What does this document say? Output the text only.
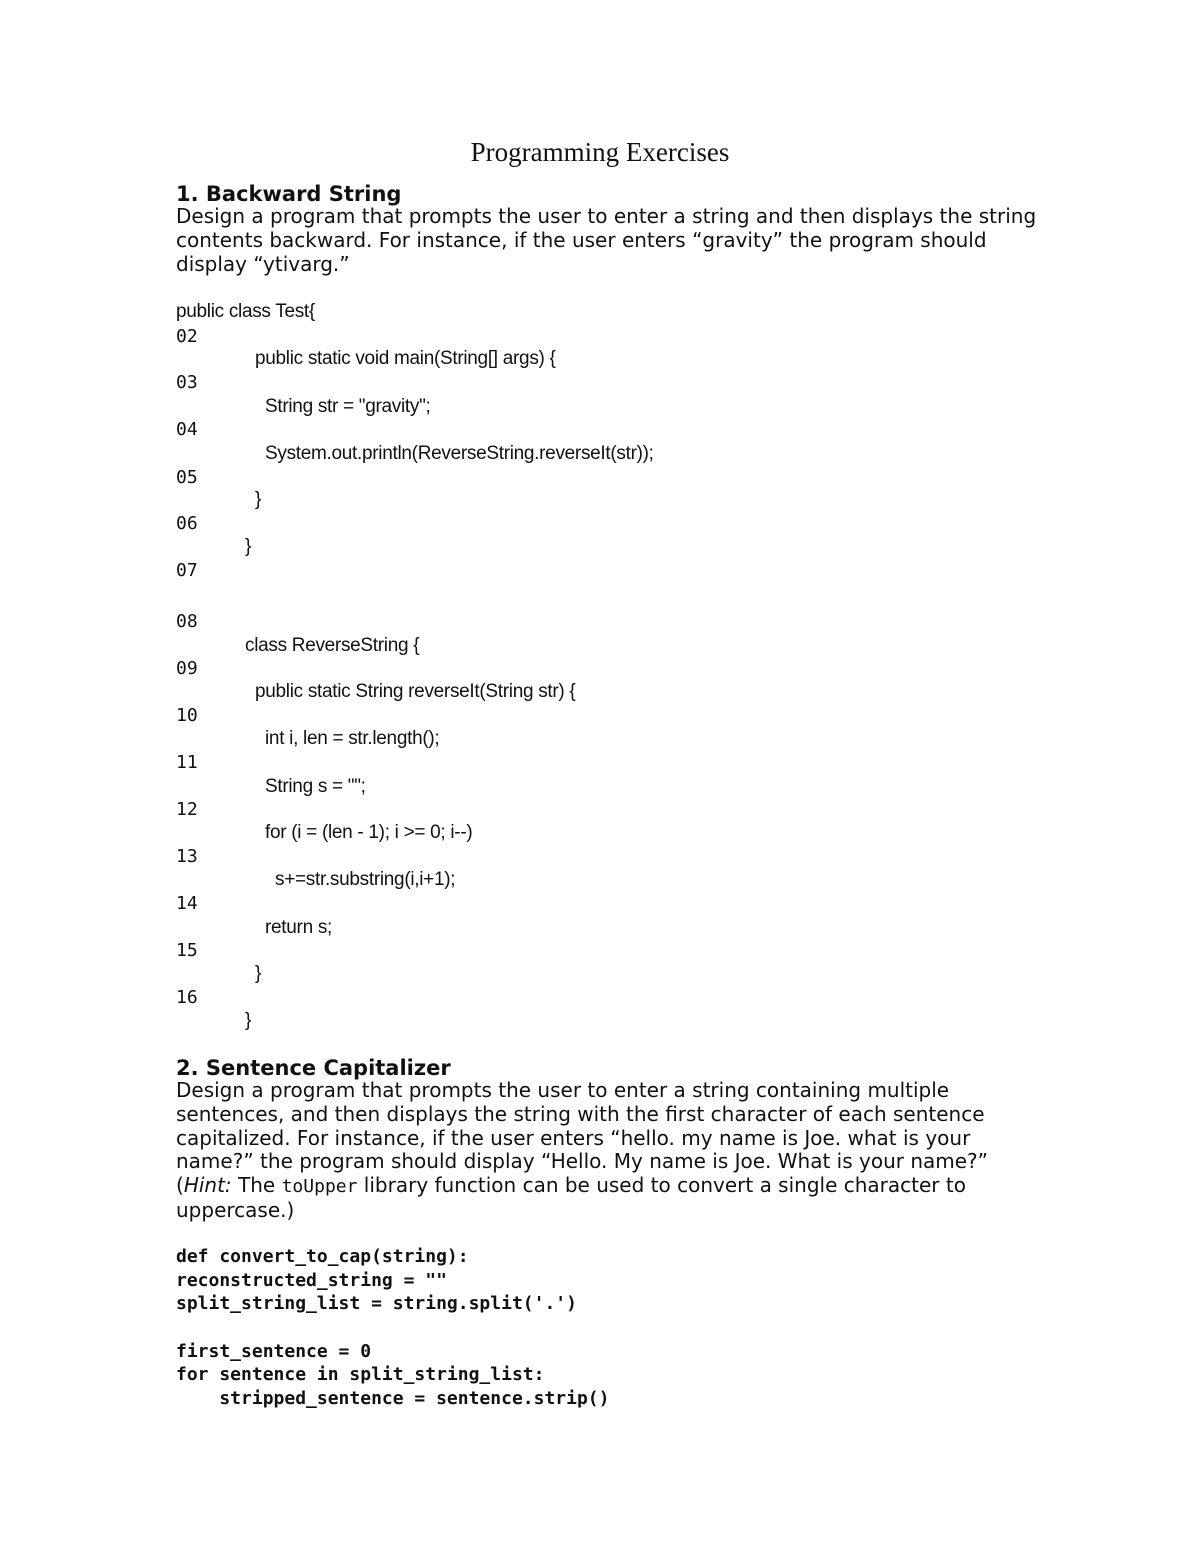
Programming Exercises
1. Backward String

Design a program that prompts the user to enter a string and then displays the string

contents backward. For instance, if the user enters “gravity” the program should

display “ytivarg.”

public class Test{
02
public static void main(String[] args) {
03
String str = "gravity";
04
System.out.println(ReverseString.reverseIt(str));
05
}
06
}
07
08
class ReverseString {
09
public static String reverseIt(String str) {
10
int i, len = str.length();
11
String s = "";
12
for (i = (len - 1); i >= 0; i--)
13
s+=str.substring(i,i+1);
14
return s;
15
}
16
}
2. Sentence Capitalizer

Design a program that prompts the user to enter a string containing multiple

sentences, and then displays the string with the first character of each sentence

capitalized. For instance, if the user enters “hello. my name is Joe. what is your

name?” the program should display “Hello. My name is Joe. What is your name?”

(Hint: The toUpper library function can be used to convert a single character to

uppercase.)

def convert_to_cap(string):
reconstructed_string = ""
split_string_list = string.split('.')
first_sentence = 0
for sentence in split_string_list:
stripped_sentence = sentence.strip()
